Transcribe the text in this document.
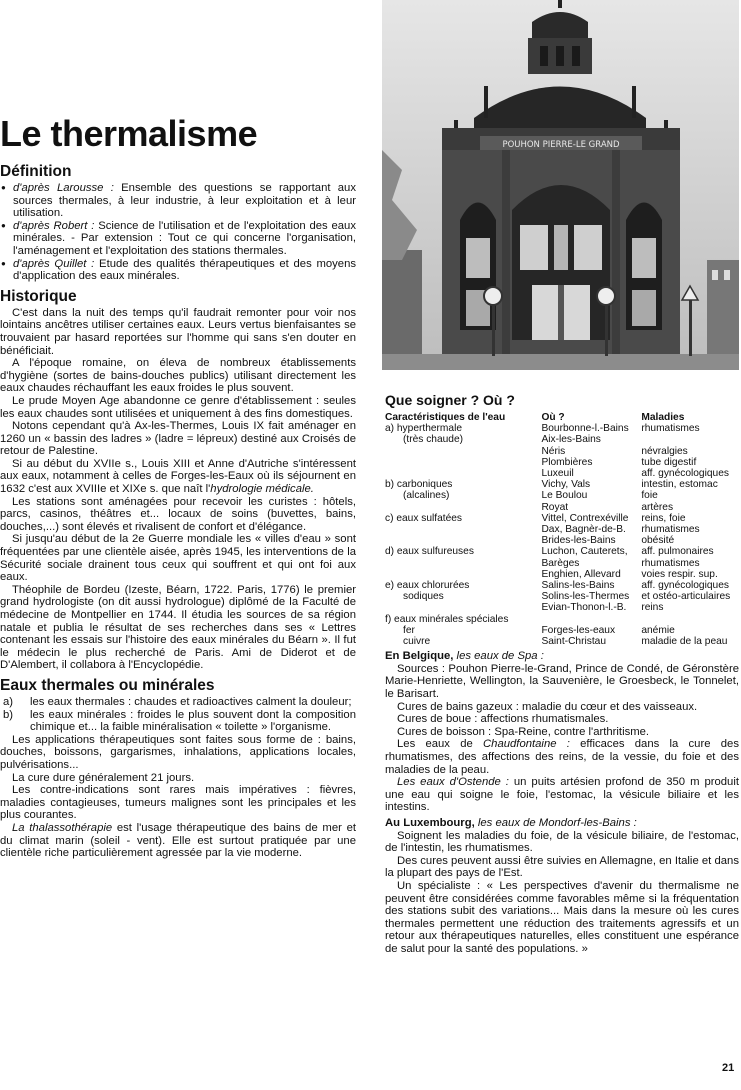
POUHON PIERRE-LE GRAND
Le thermalisme
Définition
● d'après Larousse : Ensemble des questions se rapportant aux sources thermales, à leur industrie, à leur exploitation et à leur utilisation.
● d'après Robert : Science de l'utilisation et de l'exploitation des eaux minérales. - Par extension : Tout ce qui concerne l'organisation, l'aménagement et l'exploitation des stations thermales.
● d'après Quillet : Etude des qualités thérapeutiques et des moyens d'application des eaux minérales.
Historique

C'est dans la nuit des temps qu'il faudrait remonter pour voir nos lointains ancêtres utiliser certaines eaux. Leurs vertus bienfaisantes se trouvaient par hasard reportées sur l'homme qui sans s'en douter en bénéficiait.

A l'époque romaine, on éleva de nombreux établissements d'hygiène (sortes de bains-douches publics) utilisant directement les eaux chaudes réchauffant les eaux froides le plus souvent.

Le prude Moyen Age abandonne ce genre d'établissement : seules les eaux chaudes sont utilisées et uniquement à des fins domestiques.

Notons cependant qu'à Ax-les-Thermes, Louis IX fait aménager en 1260 un « bassin des ladres » (ladre = lépreux) destiné aux Croisés de retour de Palestine.

Si au début du XVIIe s., Louis XIII et Anne d'Autriche s'intéressent aux eaux, notamment à celles de Forges-les-Eaux où ils séjournent en 1632 c'est aux XVIIIe et XIXe s. que naît l'hydrologie médicale.

Les stations sont aménagées pour recevoir les curistes : hôtels, parcs, casinos, théâtres et... locaux de soins (buvettes, bains, douches,...) sont élevés et rivalisent de confort et d'élégance.

Si jusqu'au début de la 2e Guerre mondiale les « villes d'eau » sont fréquentées par une clientèle aisée, après 1945, les interventions de la Sécurité sociale drainent tous ceux qui souffrent et qui ont foi aux eaux.

Théophile de Bordeu (Izeste, Béarn, 1722. Paris, 1776) le premier grand hydrologiste (on dit aussi hydrologue) diplômé de la Faculté de médecine de Montpellier en 1744. Il étudia les sources de sa région natale et publia le résultat de ses recherches dans ses « Lettres contenant les essais sur l'histoire des eaux minérales du Béarn ». Il fut le médecin le plus recherché de Paris. Ami de Diderot et de D'Alembert, il collabora à l'Encyclopédie.

Eaux thermales ou minérales
a) les eaux thermales : chaudes et radioactives calment la douleur;
b) les eaux minérales : froides le plus souvent dont la composition chimique et... la faible minéralisation « toilette » l'organisme.

Les applications thérapeutiques sont faites sous forme de : bains, douches, boissons, gargarismes, inhalations, applications locales, pulvérisations...

La cure dure généralement 21 jours.

Les contre-indications sont rares mais impératives : fièvres, maladies contagieuses, tumeurs malignes sont les principales et les plus courantes.

La thalassothérapie est l'usage thérapeutique des bains de mer et du climat marin (soleil - vent). Elle est surtout pratiquée par une clientèle riche particulièrement agressée par la vie moderne.

Que soigner ? Où ?
Caractéristiques de l'eau	Où ?	Maladies
a) hyperthermale	Bourbonne-l.-Bains	rhumatismes
(très chaude)	Aix-les-Bains	
	Néris	névralgies
	Plombières	tube digestif
	Luxeuil	aff. gynécologiques
b) carboniques	Vichy, Vals	intestin, estomac
(alcalines)	Le Boulou	foie
	Royat	artères
c) eaux sulfatées	Vittel, Contrexéville	reins, foie
	Dax, Bagnèr-de-B.	rhumatismes
	Brides-les-Bains	obésité
d) eaux sulfureuses	Luchon, Cauterets,	aff. pulmonaires
	Barèges	rhumatismes
	Enghien, Allevard	voies respir. sup.
e) eaux chlorurées	Salins-les-Bains	aff. gynécologiques
sodiques	Solins-les-Thermes	et ostéo-articulaires
	Evian-Thonon-l.-B.	reins
f) eaux minérales spéciales		
fer	Forges-les-eaux	anémie
cuivre	Saint-Christau	maladie de la peau

En Belgique, les eaux de Spa :

Sources : Pouhon Pierre-le-Grand, Prince de Condé, de Géronstère Marie-Henriette, Wellington, la Sauvenière, le Groesbeck, le Tonnelet, le Barisart.

Cures de bains gazeux : maladie du cœur et des vaisseaux.

Cures de boue : affections rhumatismales.

Cures de boisson : Spa-Reine, contre l'arthritisme.

Les eaux de Chaudfontaine : efficaces dans la cure des rhumatismes, des affections des reins, de la vessie, du foie et des maladies de la peau.

Les eaux d'Ostende : un puits artésien profond de 350 m produit une eau qui soigne le foie, l'estomac, la vésicule biliaire et les intestins.

Au Luxembourg, les eaux de Mondorf-les-Bains :

Soignent les maladies du foie, de la vésicule biliaire, de l'estomac, de l'intestin, les rhumatismes.

Des cures peuvent aussi être suivies en Allemagne, en Italie et dans la plupart des pays de l'Est.

Un spécialiste : « Les perspectives d'avenir du thermalisme ne peuvent être considérées comme favorables même si la fréquentation des stations subit des variations... Mais dans la mesure où les cures thermales permettent une réduction des traitements agressifs et un retour aux thérapeutiques naturelles, elles constituent une espérance de salut pour la santé des populations. »

21
